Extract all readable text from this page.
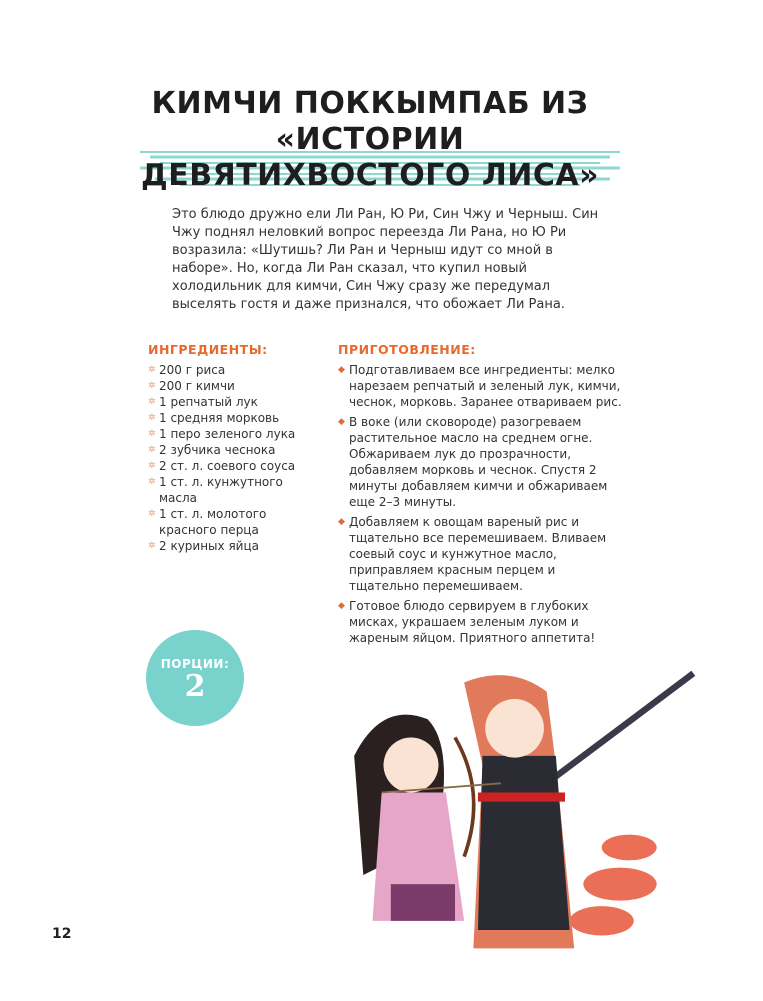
КИМЧИ ПОККЫМПАБ ИЗ «ИСТОРИИ
ДЕВЯТИХВОСТОГО ЛИСА»

Это блюдо дружно ели Ли Ран, Ю Ри, Син Чжу и Черныш. Син Чжу поднял неловкий вопрос переезда Ли Рана, но Ю Ри возразила: «Шутишь? Ли Ран и Черныш идут со мной в наборе». Но, когда Ли Ран сказал, что купил новый холодильник для кимчи, Син Чжу сразу же передумал выселять гостя и даже признался, что обожает Ли Рана.

ИНГРЕДИЕНТЫ:
✲ 200 г риса
✲ 200 г кимчи
✲ 1 репчатый лук
✲ 1 средняя морковь
✲ 1 перо зеленого лука
✲ 2 зубчика чеснока
✲ 2 ст. л. соевого соуса
✲ 1 ст. л. кунжутного масла
✲ 1 ст. л. молотого красного перца
✲ 2 куриных яйца
ПРИГОТОВЛЕНИЕ:
◆ Подготавливаем все ингредиенты: мелко нарезаем репчатый и зеленый лук, кимчи, чеснок, морковь. Заранее отвариваем рис.
◆ В воке (или сковороде) разогреваем растительное масло на среднем огне. Обжариваем лук до прозрачности, добавляем морковь и чеснок. Спустя 2 минуты добавляем кимчи и обжариваем еще 2–3 минуты.
◆ Добавляем к овощам вареный рис и тщательно все перемешиваем. Вливаем соевый соус и кунжутное масло, приправляем красным перцем и тщательно перемешиваем.
◆ Готовое блюдо сервируем в глубоких мисках, украшаем зеленым луком и жареным яйцом. Приятного аппетита!
ПОРЦИИ:
2
12
